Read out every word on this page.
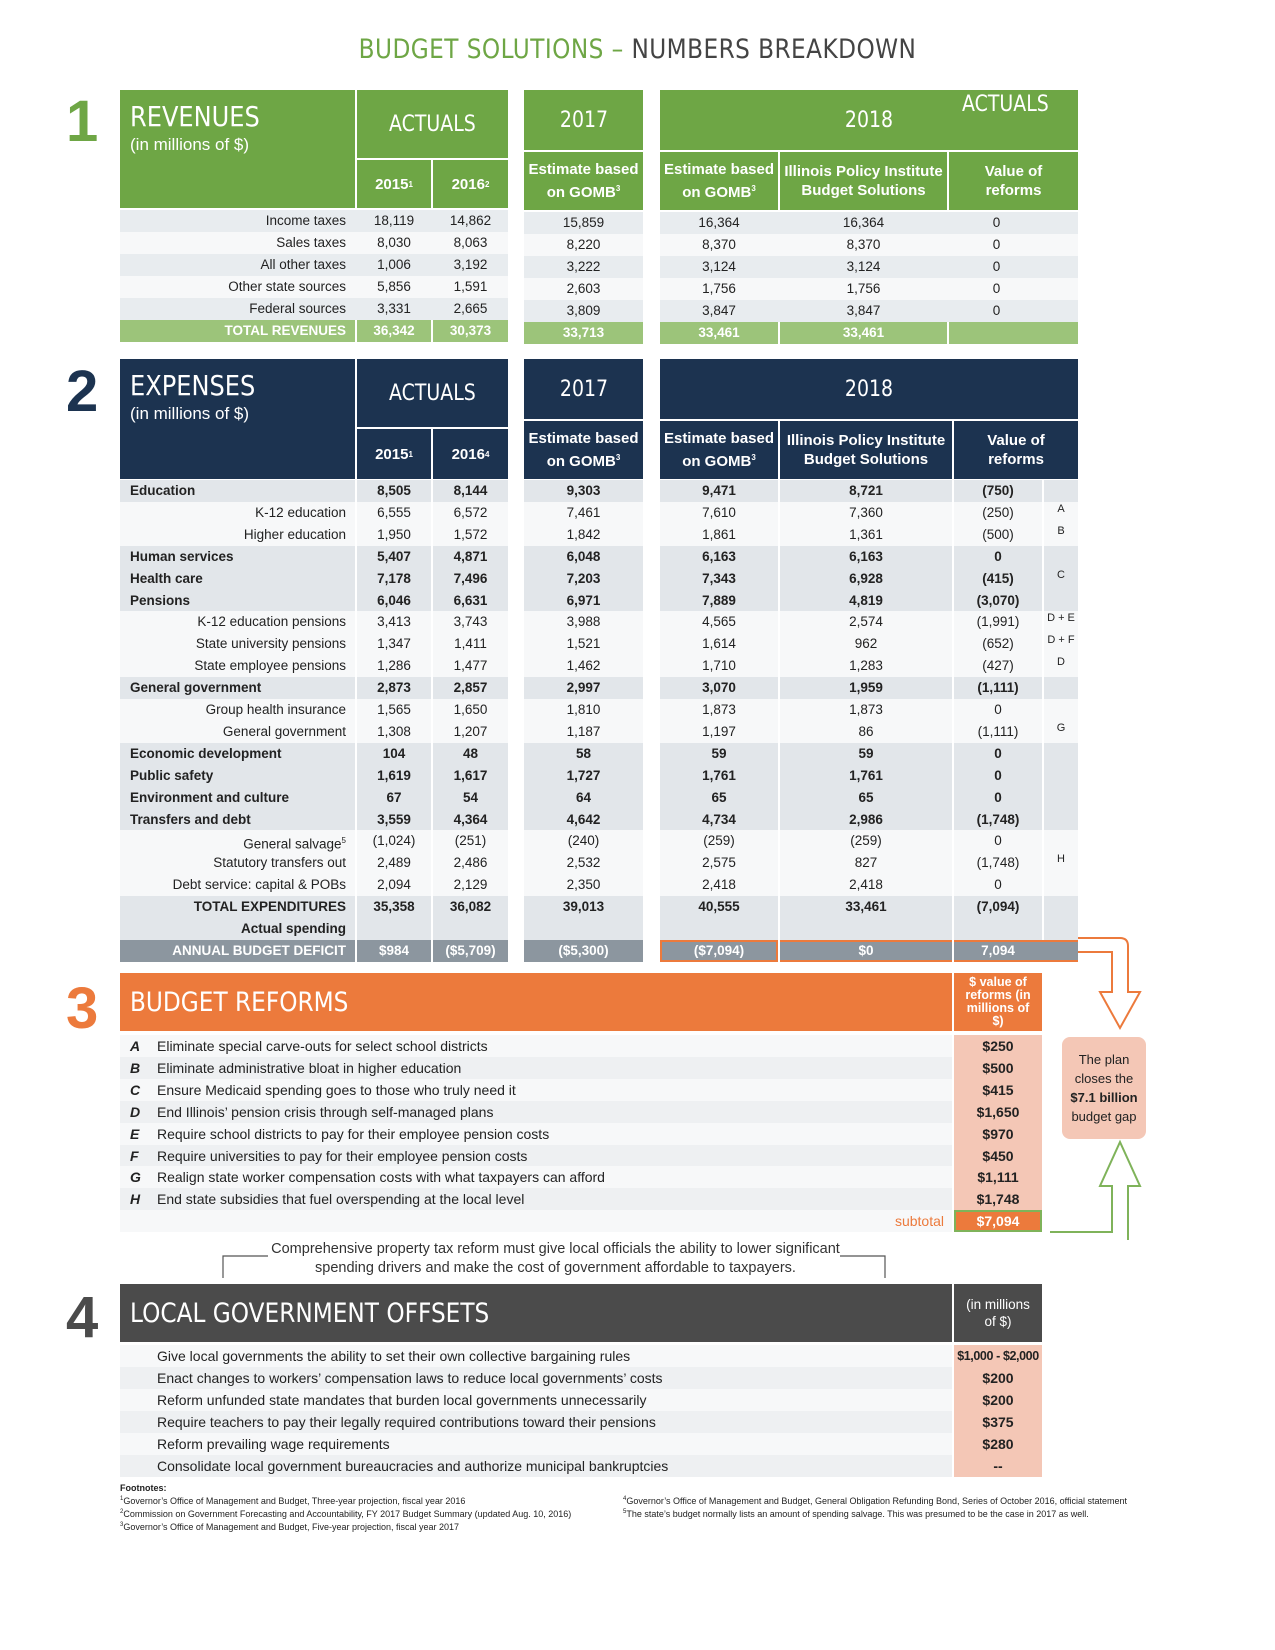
BUDGET SOLUTIONS – NUMBERS BREAKDOWN
1 REVENUES
(in millions of $)
ACTUALS
2015 1	2016 2
2017
Estimate based on GOMB$^3$
2018
ACTUALS
Estimate based on GOMB$^3$
Illinois Policy Institute Budget Solutions
Value of reforms
Income taxes	18,119	14,862	15,859	16,364	16,364	0
Sales taxes	8,030	8,063	8,220	8,370	8,370	0
All other taxes	1,006	3,192	3,222	3,124	3,124	0
Other state sources	5,856	1,591	2,603	1,756	1,756	0
Federal sources	3,331	2,665	3,809	3,847	3,847	0
TOTAL REVENUES	36,342	30,373	33,713	33,461	33,461
2 EXPENSES
(in millions of $)
ACTUALS
2015 1	2016 4
2017
Estimate based on GOMB$^3$
2018
Estimate based on GOMB$^3$
Illinois Policy Institute Budget Solutions
Value of reforms
Education	8,505	8,144	9,303	9,471	8,721	(750)
K-12 education	6,555	6,572	7,461	7,610	7,360	(250)	A
Higher education	1,950	1,572	1,842	1,861	1,361	(500)	B
Human services	5,407	4,871	6,048	6,163	6,163	0
Health care	7,178	7,496	7,203	7,343	6,928	(415)	C
Pensions	6,046	6,631	6,971	7,889	4,819	(3,070)
K-12 education pensions	3,413	3,743	3,988	4,565	2,574	(1,991)	D + E
State university pensions	1,347	1,411	1,521	1,614	962	(652)	D + F
State employee pensions	1,286	1,477	1,462	1,710	1,283	(427)	D
General government	2,873	2,857	2,997	3,070	1,959	(1,111)
Group health insurance	1,565	1,650	1,810	1,873	1,873	0
General government	1,308	1,207	1,187	1,197	86	(1,111)	G
Economic development	104	48	58	59	59	0
Public safety	1,619	1,617	1,727	1,761	1,761	0
Environment and culture	67	54	64	65	65	0
Transfers and debt	3,559	4,364	4,642	4,734	2,986	(1,748)
General salvage$^5$	(1,024)	(251)	(240)	(259)	(259)	0
Statutory transfers out	2,489	2,486	2,532	2,575	827	(1,748)	H
Debt service: capital & POBs	2,094	2,129	2,350	2,418	2,418	0
TOTAL EXPENDITURES	35,358	36,082	39,013	40,555	33,461	(7,094)
Actual spending
ANNUAL BUDGET DEFICIT	$984	($5,709)	($5,300)	($7,094)	$0	7,094
3 BUDGET REFORMS
$ value of reforms (in millions of $)
A	Eliminate special carve-outs for select school districts	$250
B	Eliminate administrative bloat in higher education	$500
C	Ensure Medicaid spending goes to those who truly need it	$415
D	End Illinois’ pension crisis through self-managed plans	$1,650
E	Require school districts to pay for their employee pension costs	$970
F	Require universities to pay for their employee pension costs	$450
G	Realign state worker compensation costs with what taxpayers can afford	$1,111
H	End state subsidies that fuel overspending at the local level	$1,748
subtotal	$7,094
The plan closes the
$7.1 billion
budget gap
Comprehensive property tax reform must give local officials the ability to lower significant spending drivers and make the cost of government affordable to taxpayers.
4 LOCAL GOVERNMENT OFFSETS	(in millions of $)
Give local governments the ability to set their own collective bargaining rules	$1,000 - $2,000
Enact changes to workers’ compensation laws to reduce local governments’ costs	$200
Reform unfunded state mandates that burden local governments unnecessarily	$200
Require teachers to pay their legally required contributions toward their pensions	$375
Reform prevailing wage requirements	$280
Consolidate local government bureaucracies and authorize municipal bankruptcies	--
Footnotes:
$^1$Governor’s Office of Management and Budget, Three-year projection, fiscal year 2016
$^2$Commission on Government Forecasting and Accountability, FY 2017 Budget Summary (updated Aug. 10, 2016)
$^3$Governor’s Office of Management and Budget, Five-year projection, fiscal year 2017
$^4$Governor’s Office of Management and Budget, General Obligation Refunding Bond, Series of October 2016, official statement
$^5$The state’s budget normally lists an amount of spending salvage. This was presumed to be the case in 2017 as well.
